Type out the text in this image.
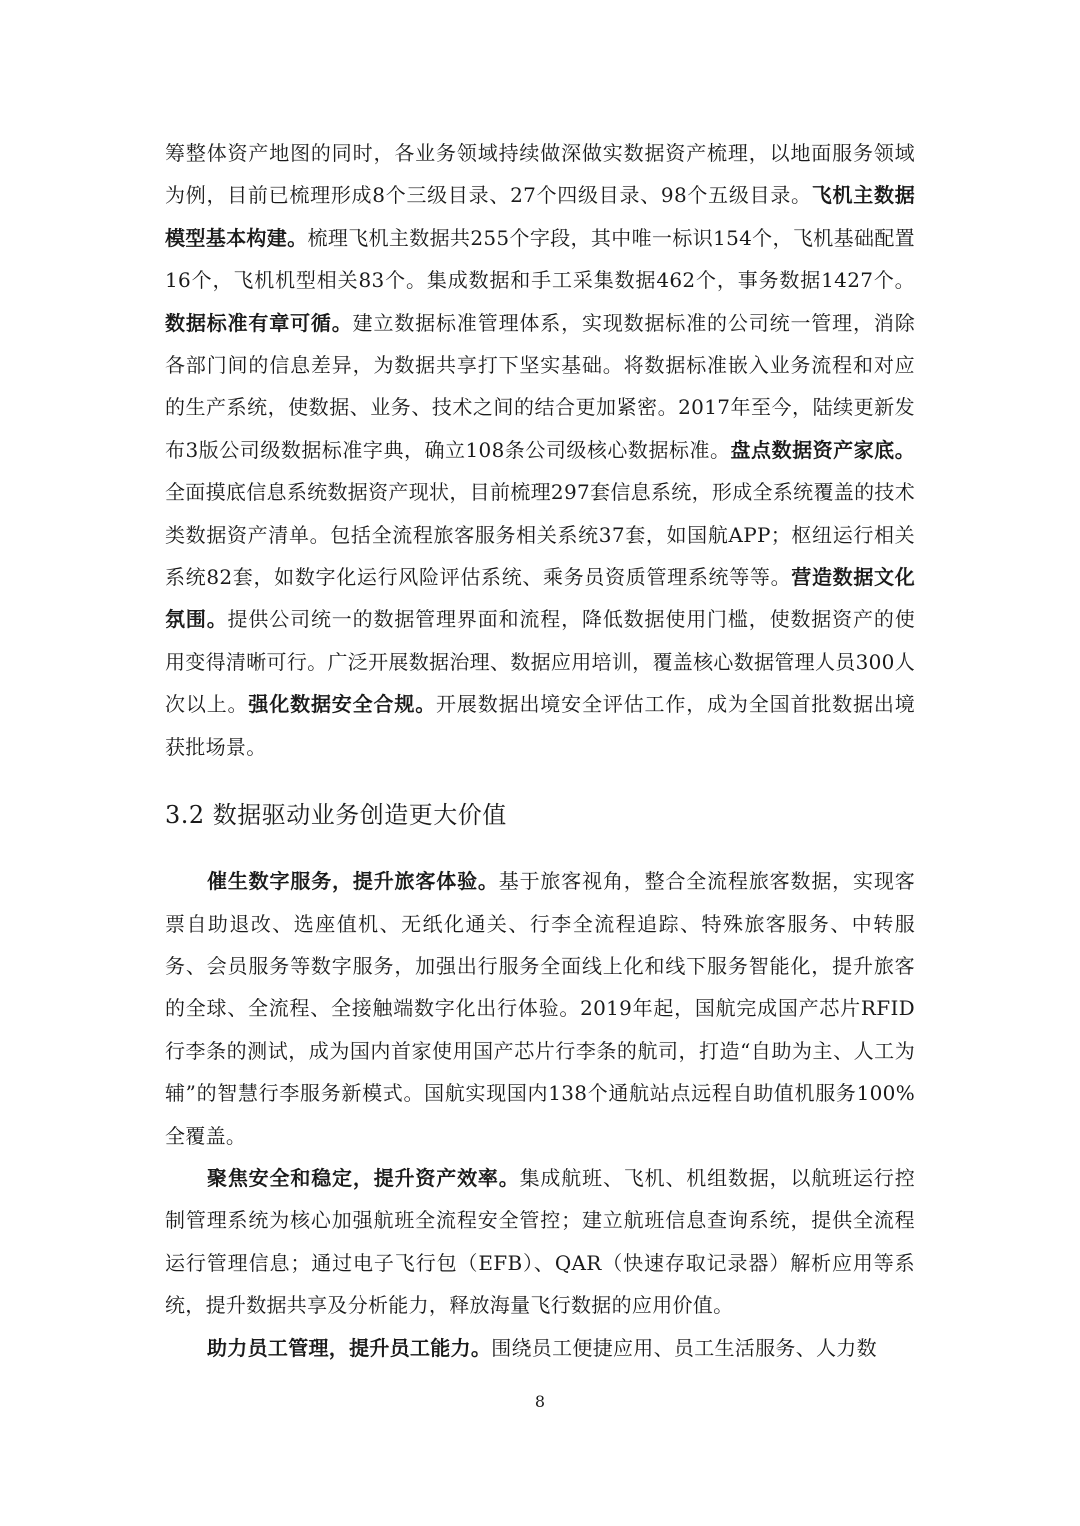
筹整体资产地图的同时，各业务领域持续做深做实数据资产梳理，以地面服务领域为例，目前已梳理形成8个三级目录、27个四级目录、98个五级目录。飞机主数据模型基本构建。梳理飞机主数据共255个字段，其中唯一标识154个，飞机基础配置16个，飞机机型相关83个。集成数据和手工采集数据462个，事务数据1427个。数据标准有章可循。建立数据标准管理体系，实现数据标准的公司统一管理，消除各部门间的信息差异，为数据共享打下坚实基础。将数据标准嵌入业务流程和对应的生产系统，使数据、业务、技术之间的结合更加紧密。2017年至今，陆续更新发布3版公司级数据标准字典，确立108条公司级核心数据标准。盘点数据资产家底。全面摸底信息系统数据资产现状，目前梳理297套信息系统，形成全系统覆盖的技术类数据资产清单。包括全流程旅客服务相关系统37套，如国航APP；枢纽运行相关系统82套，如数字化运行风险评估系统、乘务员资质管理系统等等。营造数据文化氛围。提供公司统一的数据管理界面和流程，降低数据使用门槛，使数据资产的使用变得清晰可行。广泛开展数据治理、数据应用培训，覆盖核心数据管理人员300人次以上。强化数据安全合规。开展数据出境安全评估工作，成为全国首批数据出境获批场景。

3.2 数据驱动业务创造更大价值

催生数字服务，提升旅客体验。基于旅客视角，整合全流程旅客数据，实现客票自助退改、选座值机、无纸化通关、行李全流程追踪、特殊旅客服务、中转服务、会员服务等数字服务，加强出行服务全面线上化和线下服务智能化，提升旅客的全球、全流程、全接触端数字化出行体验。2019年起，国航完成国产芯片RFID行李条的测试，成为国内首家使用国产芯片行李条的航司，打造“自助为主、人工为辅”的智慧行李服务新模式。国航实现国内138个通航站点远程自助值机服务100%全覆盖。

聚焦安全和稳定，提升资产效率。集成航班、飞机、机组数据，以航班运行控制管理系统为核心加强航班全流程安全管控；建立航班信息查询系统，提供全流程运行管理信息；通过电子飞行包（EFB）、QAR（快速存取记录器）解析应用等系统，提升数据共享及分析能力，释放海量飞行数据的应用价值。

助力员工管理，提升员工能力。围绕员工便捷应用、员工生活服务、人力数

8
